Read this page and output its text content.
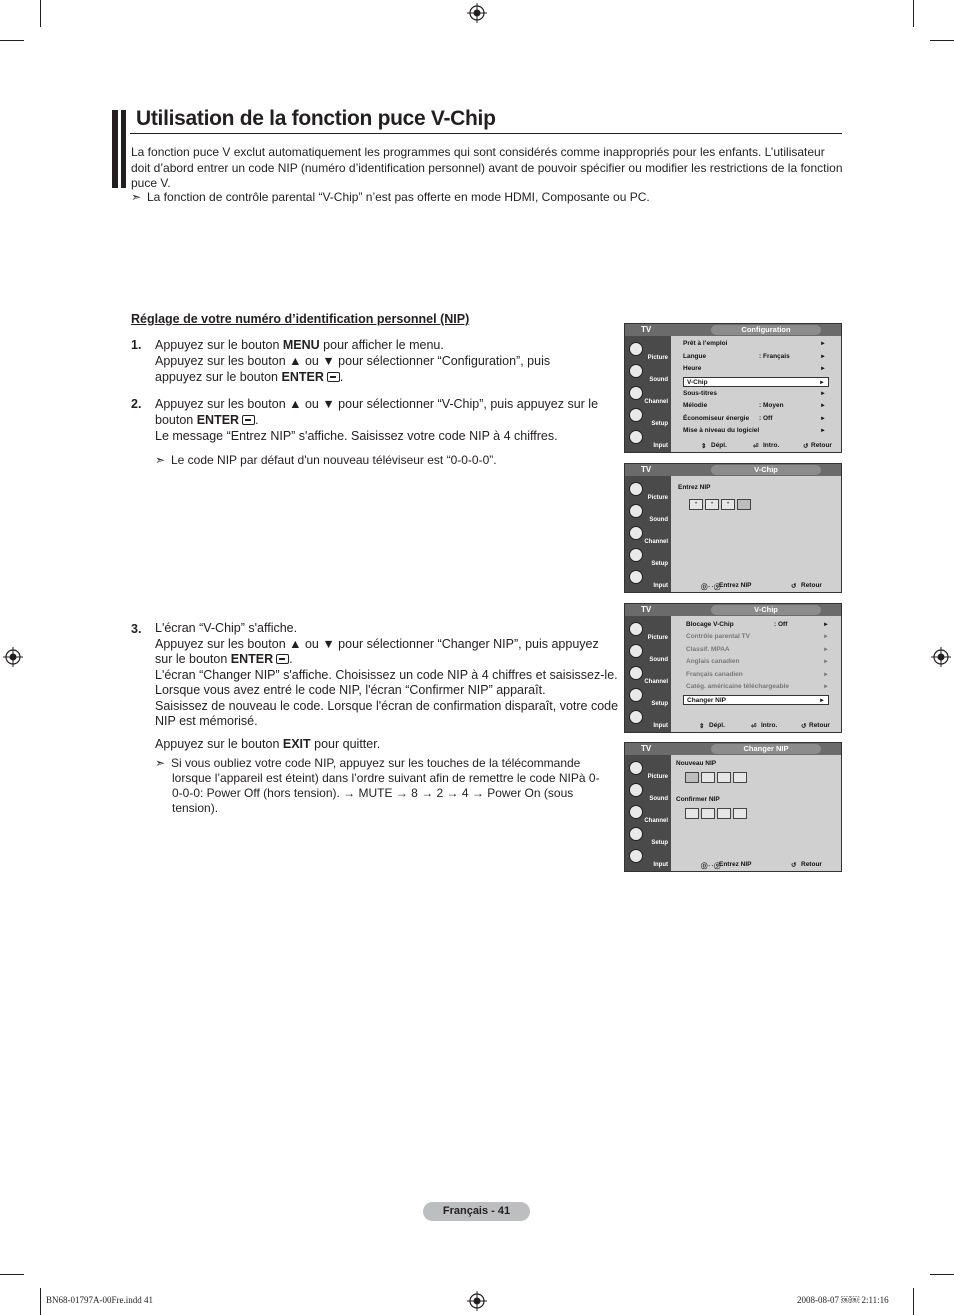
Utilisation de la fonction puce V-Chip
La fonction puce V exclut automatiquement les programmes qui sont considérés comme inappropriés pour les enfants. L’utilisateur doit d’abord entrer un code NIP (numéro d’identification personnel) avant de pouvoir spécifier ou modifier les restrictions de la fonction puce V.
➣ La fonction de contrôle parental “V-Chip” n’est pas offerte en mode HDMI, Composante ou PC.
Réglage de votre numéro d’identification personnel (NIP)
1. Appuyez sur le bouton MENU pour afficher le menu.

Appuyez sur les bouton ▲ ou ▼ pour sélectionner “Configuration”, puis

appuyez sur le bouton ENTER .

2. Appuyez sur les bouton ▲ ou ▼ pour sélectionner “V-Chip”, puis appuyez sur le

bouton ENTER .

Le message “Entrez NIP” s'affiche. Saisissez votre code NIP à 4 chiffres.

➣ Le code NIP par défaut d'un nouveau téléviseur est “0-0-0-0”.
3. L'écran “V-Chip” s'affiche.

Appuyez sur les bouton ▲ ou ▼ pour sélectionner “Changer NIP”, puis appuyez

sur le bouton ENTER .

L'écran “Changer NIP” s'affiche. Choisissez un code NIP à 4 chiffres et saisissez-le.

Lorsque vous avez entré le code NIP, l'écran “Confirmer NIP” apparaît.

Saisissez de nouveau le code. Lorsque l'écran de confirmation disparaît, votre code

NIP est mémorisé.

Appuyez sur le bouton EXIT pour quitter.

➣ Si vous oubliez votre code NIP, appuyez sur les touches de la télécommande lorsque l’appareil est éteint) dans l’ordre suivant afin de remettre le code NIPà 0-0-0-0: Power Off (hors tension). → MUTE → 8 → 2 → 4 → Power On (sous tension).
TV	Configuration
Picture
Sound
Channel
Setup
Input
Prêt à l’emploi	►
Langue	: Français	►
Heure	►
V-Chip	►
Sous-titres	►
Mélodie	: Moyen	►
Économiseur énergie : Off	►
Mise à niveau du logiciel	►
⇕ Dépl.	⏎ Intro.	↺ Retour
TV	V-Chip
Picture
Sound
Channel
Setup
Input
Entrez NIP
*	*	*
⓪‥⑨
Entrez NIP	↺ Retour
TV	V-Chip
Picture
Sound
Channel
Setup
Input
Blocage V-Chip	: Off	►
Contrôle parental TV	►
Classif. MPAA	►
Anglais canadien	►
Français canadien	►
Catég. américaine téléchargeable	►
Changer NIP	►
⇕ Dépl.	⏎ Intro.	↺ Retour
TV	Changer NIP
Picture
Sound
Channel
Setup
Input
Nouveau NIP
Confirmer NIP
⓪‥⑨
Entrez NIP	↺ Retour
Français - 41
BN68-01797A-00Fre.indd 41	2008-08-07 ￼￼ 2:11:16
